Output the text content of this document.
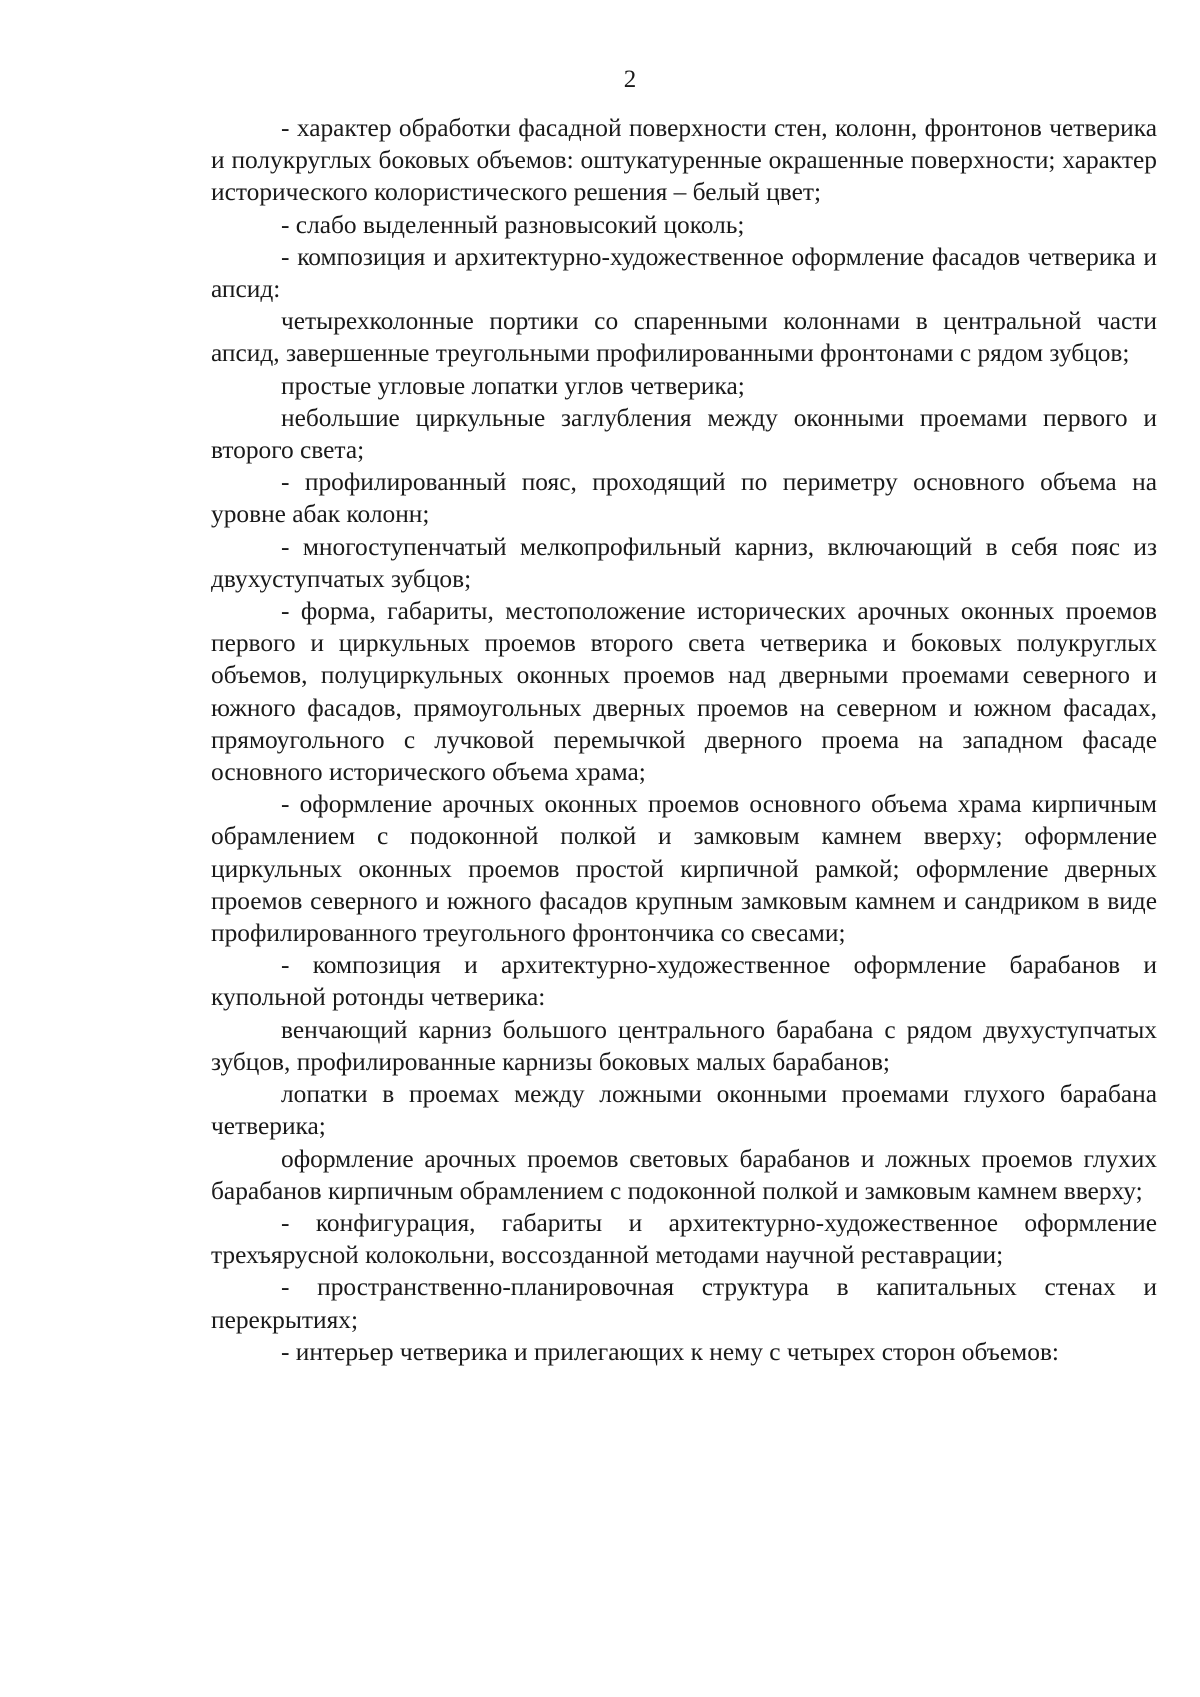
2

- характер обработки фасадной поверхности стен, колонн, фронтонов четверика и полукруглых боковых объемов: оштукатуренные окрашенные поверхности; характер исторического колористического решения – белый цвет;

- слабо выделенный разновысокий цоколь;

- композиция и архитектурно-художественное оформление фасадов четверика и апсид:

четырехколонные портики со спаренными колоннами в центральной части апсид, завершенные треугольными профилированными фронтонами с рядом зубцов;

простые угловые лопатки углов четверика;

небольшие циркульные заглубления между оконными проемами первого и второго света;

- профилированный пояс, проходящий по периметру основного объема на уровне абак колонн;

- многоступенчатый мелкопрофильный карниз, включающий в себя пояс из двухуступчатых зубцов;

- форма, габариты, местоположение исторических арочных оконных проемов первого и циркульных проемов второго света четверика и боковых полукруглых объемов, полуциркульных оконных проемов над дверными проемами северного и южного фасадов, прямоугольных дверных проемов на северном и южном фасадах, прямоугольного с лучковой перемычкой дверного проема на западном фасаде основного исторического объема храма;

- оформление арочных оконных проемов основного объема храма кирпичным обрамлением с подоконной полкой и замковым камнем вверху; оформление циркульных оконных проемов простой кирпичной рамкой; оформление дверных проемов северного и южного фасадов крупным замковым камнем и сандриком в виде профилированного треугольного фронтончика со свесами;

- композиция и архитектурно-художественное оформление барабанов и купольной ротонды четверика:

венчающий карниз большого центрального барабана с рядом двухуступчатых зубцов, профилированные карнизы боковых малых барабанов;

лопатки в проемах между ложными оконными проемами глухого барабана четверика;

оформление арочных проемов световых барабанов и ложных проемов глухих барабанов кирпичным обрамлением с подоконной полкой и замковым камнем вверху;

- конфигурация, габариты и архитектурно-художественное оформление трехъярусной колокольни, воссозданной методами научной реставрации;

- пространственно-планировочная структура в капитальных стенах и перекрытиях;

- интерьер четверика и прилегающих к нему с четырех сторон объемов:
